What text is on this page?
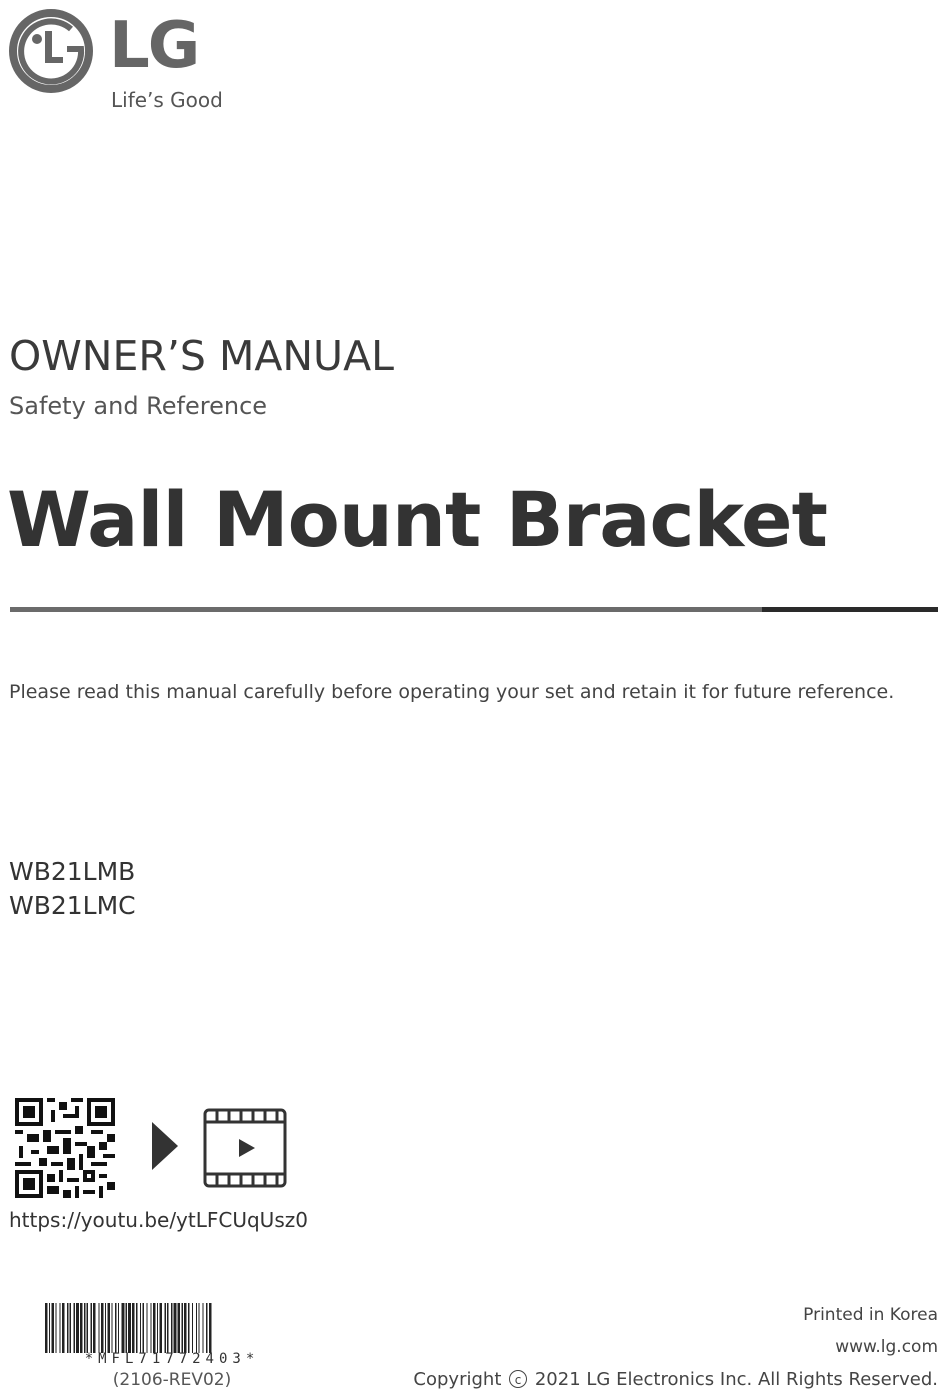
LG
Life’s Good
OWNER’S MANUAL
Safety and Reference
Wall Mount Bracket
Please read this manual carefully before operating your set and retain it for future reference.
WB21LMB
WB21LMC
https://youtu.be/ytLFCUqUsz0
*MFL71772403*
(2106-REV02)
Printed in Korea
www.lg.com
Copyright c 2021 LG Electronics Inc. All Rights Reserved.
